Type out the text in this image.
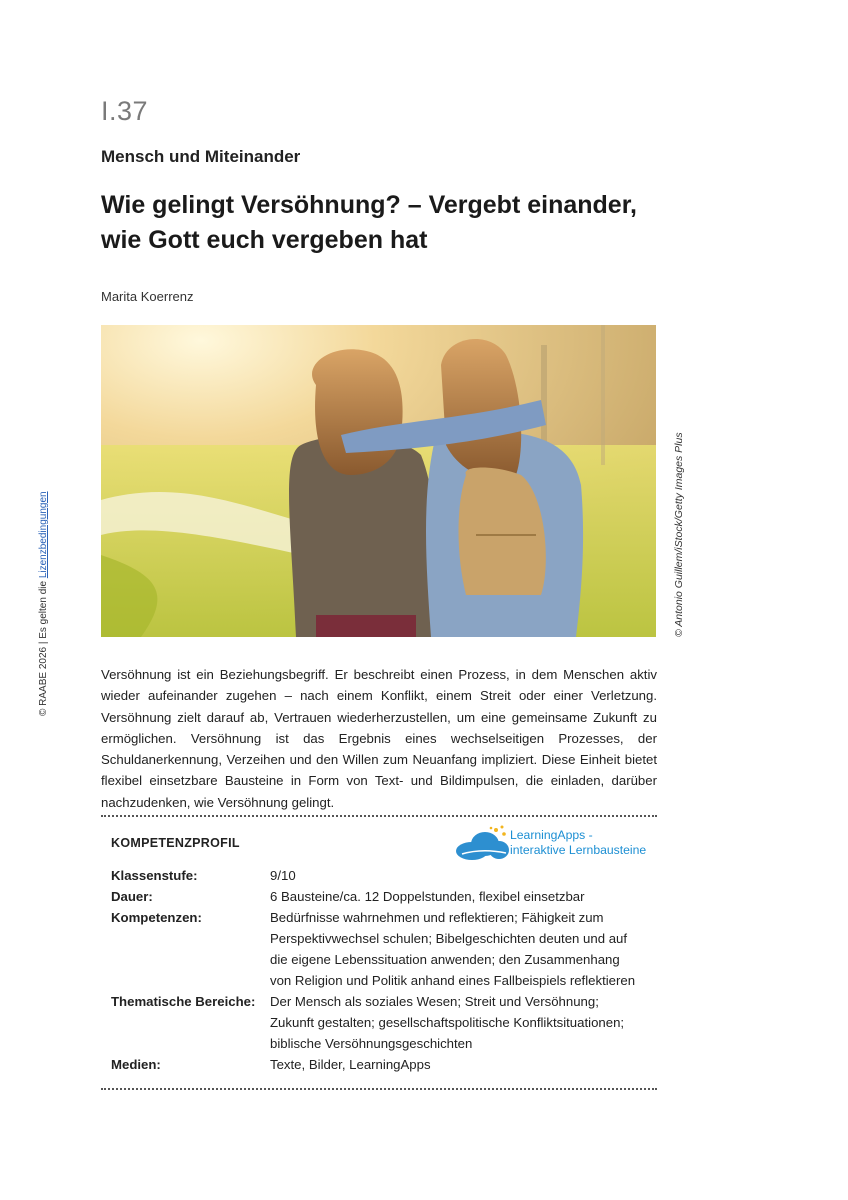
I.37
Mensch und Miteinander
Wie gelingt Versöhnung? – Vergebt einander, wie Gott euch vergeben hat
Marita Koerrenz
© Antonio Guillem/iStock/Getty Images Plus
© RAABE 2026 | Es gelten die Lizenzbedingungen

Versöhnung ist ein Beziehungsbegriff. Er beschreibt einen Prozess, in dem Menschen aktiv wieder aufeinander zugehen – nach einem Konflikt, einem Streit oder einer Verletzung. Versöhnung zielt darauf ab, Vertrauen wiederherzustellen, um eine gemeinsame Zukunft zu ermöglichen. Versöhnung ist das Ergebnis eines wechselseitigen Prozesses, der Schuldanerkennung, Verzeihen und den Willen zum Neuanfang impliziert. Diese Einheit bietet flexibel einsetzbare Bausteine in Form von Text- und Bildimpulsen, die einladen, darüber nachzudenken, wie Versöhnung gelingt.

KOMPETENZPROFIL
LearningApps -
interaktive Lernbausteine
Klassenstufe:	9/10
Dauer:	6 Bausteine/ca. 12 Doppelstunden, flexibel einsetzbar
Kompetenzen:	Bedürfnisse wahrnehmen und reflektieren; Fähigkeit zum Perspektivwechsel schulen; Bibelgeschichten deuten und auf die eigene Lebenssituation anwenden; den Zusammenhang von Religion und Politik anhand eines Fallbeispiels reflektieren
Thematische Bereiche:	Der Mensch als soziales Wesen; Streit und Versöhnung; Zukunft gestalten; gesellschaftspolitische Konfliktsituationen; biblische Versöhnungsgeschichten
Medien:	Texte, Bilder, LearningApps
